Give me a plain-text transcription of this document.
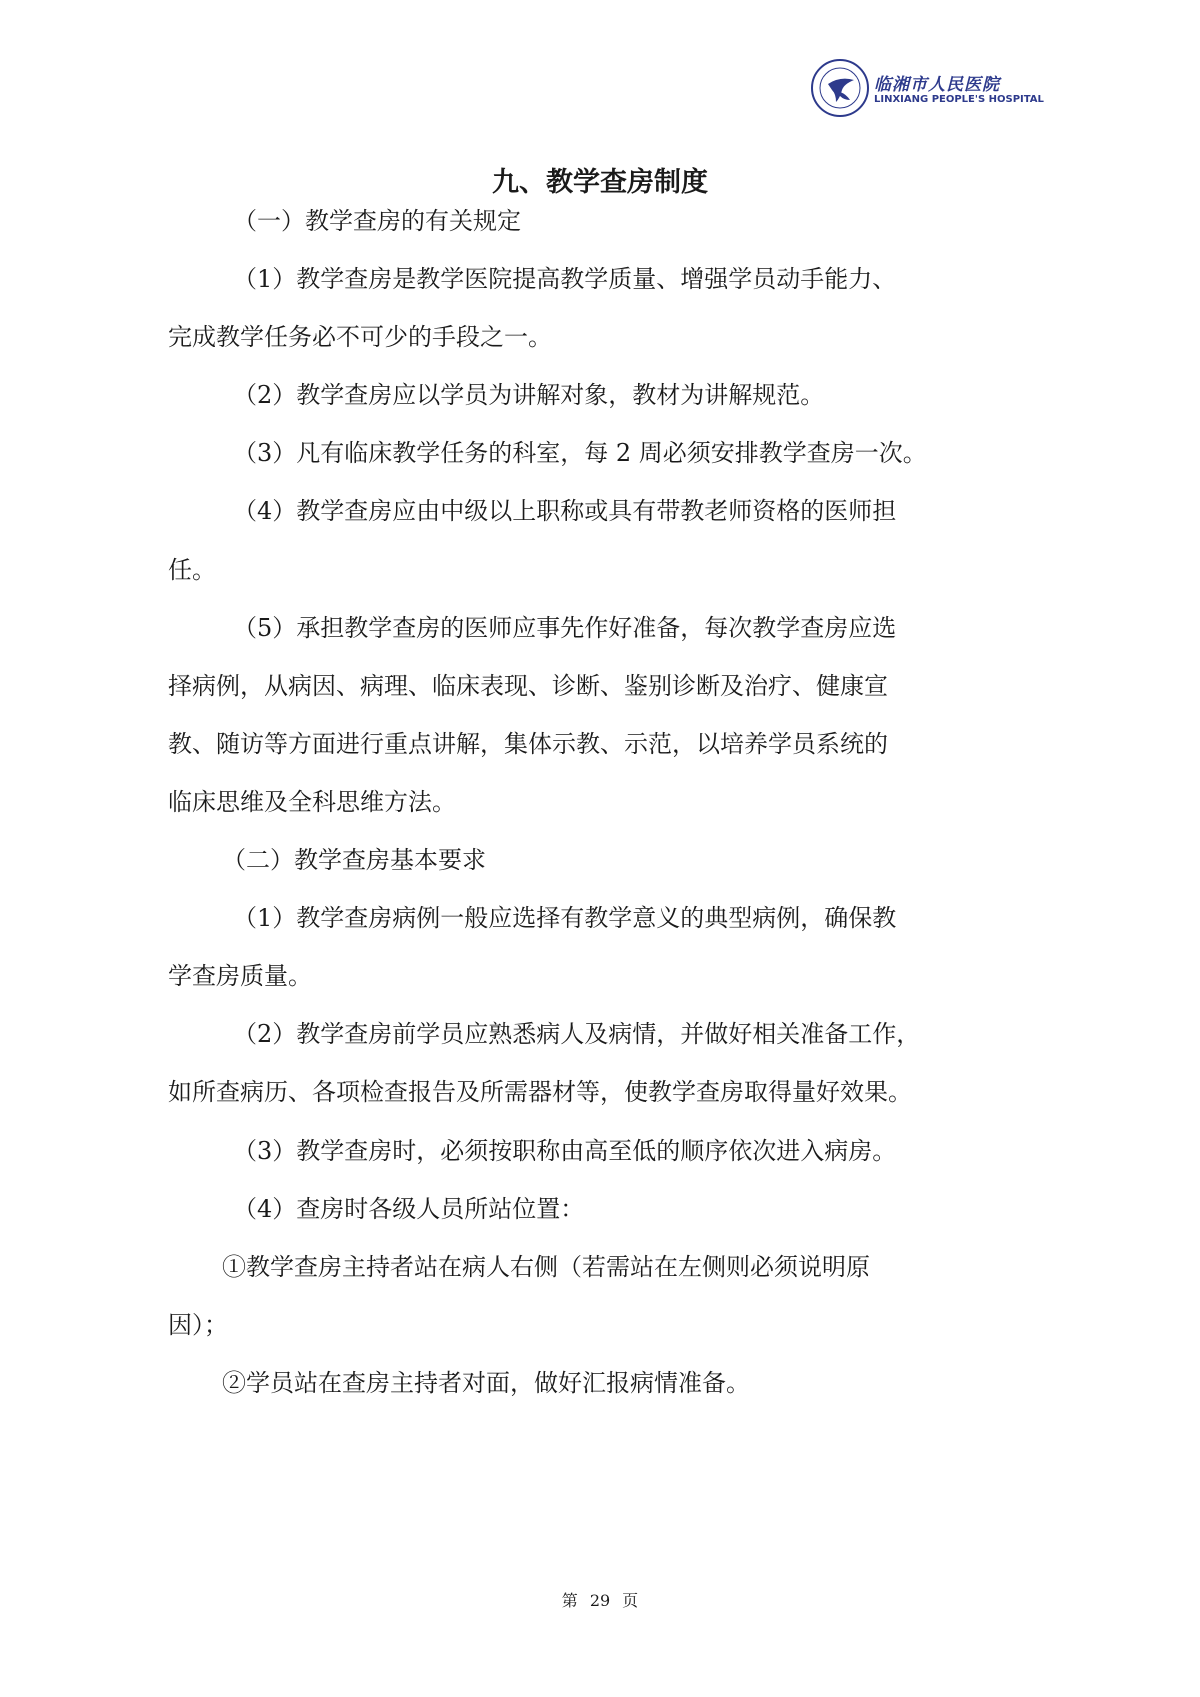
临湘市人民医院
LINXIANG PEOPLE'S HOSPITAL
九、教学查房制度
（一）教学查房的有关规定
（1）教学查房是教学医院提高教学质量、增强学员动手能力、
完成教学任务必不可少的手段之一。
（2）教学查房应以学员为讲解对象，教材为讲解规范。
（3）凡有临床教学任务的科室，每 2 周必须安排教学查房一次。
（4）教学查房应由中级以上职称或具有带教老师资格的医师担
任。
（5）承担教学查房的医师应事先作好准备，每次教学查房应选
择病例，从病因、病理、临床表现、诊断、鉴别诊断及治疗、健康宣
教、随访等方面进行重点讲解，集体示教、示范，以培养学员系统的
临床思维及全科思维方法。
（二）教学查房基本要求
（1）教学查房病例一般应选择有教学意义的典型病例，确保教
学查房质量。
（2）教学查房前学员应熟悉病人及病情，并做好相关准备工作，
如所查病历、各项检查报告及所需器材等，使教学查房取得量好效果。
（3）教学查房时，必须按职称由高至低的顺序依次进入病房。
（4）查房时各级人员所站位置：
①教学查房主持者站在病人右侧（若需站在左侧则必须说明原
因）；
②学员站在查房主持者对面，做好汇报病情准备。
第 29 页
